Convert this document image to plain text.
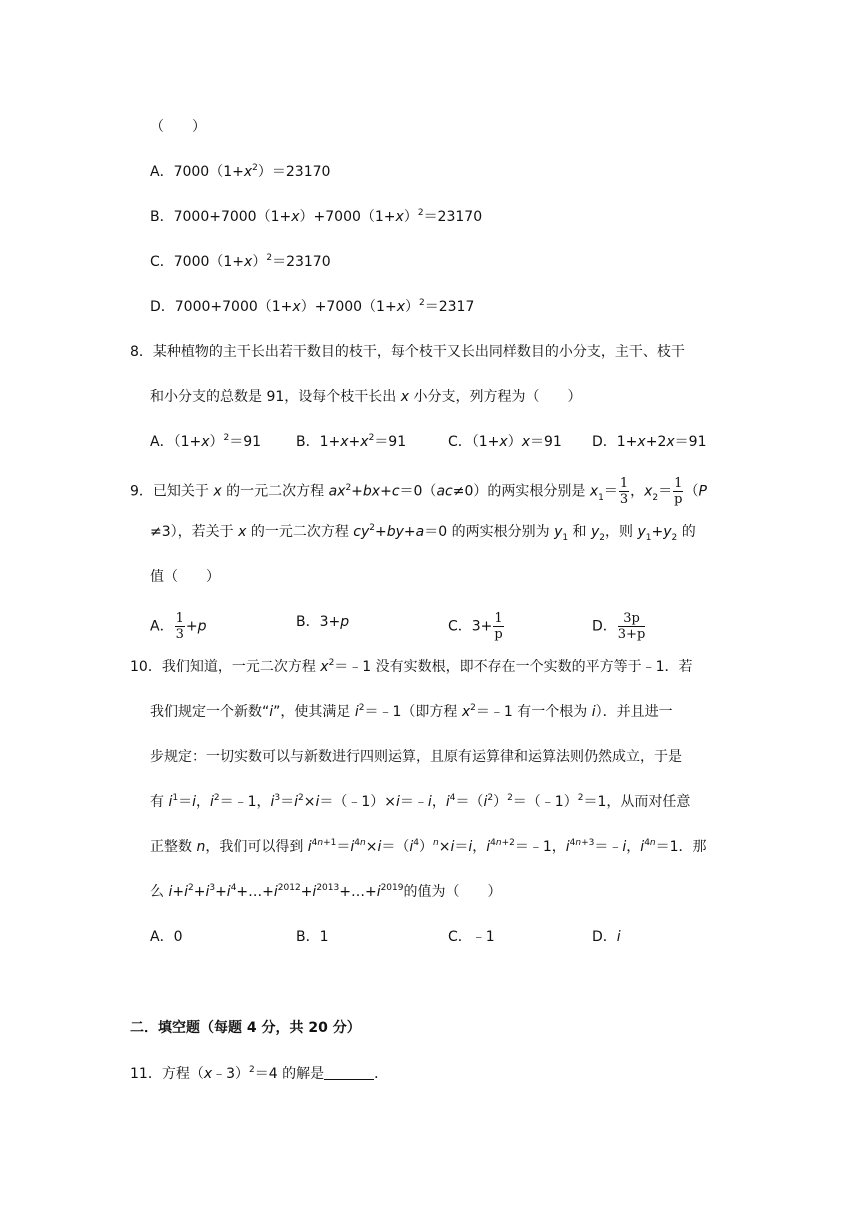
（　　）
A．$7000(1+x^2)=23170$
B．$7000+7000(1+x)+7000(1+x)^2=23170$
C．$7000(1+x)^2=23170$
D．$7000+7000(1+x)+7000(1+x)^2=2317$
8．某种植物的主干长出若干数目的枝干，每个枝干又长出同样数目的小分支，主干、枝干
和小分支的总数是 91，设每个枝干长出 x 小分支，列方程为（　　）
A．$(1+x)^2=91$ B．$1+x+x^2=91$	C．（1+x）x＝91 D．1+x+2x＝91
9．已知关于 x 的一元二次方程 $ax^2+bx+c=0(ac\ne 0)$的两实根分别是 $x_1= \frac{1}{3}$ ，$x_2= \frac{1}{p} (P$
≠3），若关于 x 的一元二次方程 $cy^2+by+a=0$ 的两实根分别为 $y_1$ 和 $y_2$，则 $y_1+y_2$ 的
值（　　）
A． $\frac{1}{3} +p$	B．3+p	C．$3+ \frac{1}{p}$	D． $\frac{3p}{3+p}$
10．我们知道，一元二次方程 $x^2=﹣1$ 没有实数根，即不存在一个实数的平方等于﹣1．若
我们规定一个新数“i”，使其满足 $i^2=﹣1$（即方程 $x^2=﹣1$ 有一个根为 i）．并且进一
步规定：一切实数可以与新数进行四则运算，且原有运算律和运算法则仍然成立，于是
有 $i^1=i$，$i^2=﹣1$，$i^3=i^2\times i=(﹣1)\times i=﹣i$，$i^4=(i^2)^2=(﹣1)^2=1$，从而对任意
正整数 n，我们可以得到 $i^{4n+1}=i^{4n}\times i=(i^4)^n\times i=i$，$i^{4n+2}=﹣1$，$i^{4n+3}=﹣i$，$i^{4n}=1$．那
么 $i+i^2+i^3+i^4+\dots+i^{2012}+i^{2013}+\dots+i^{2019}$的值为（　　）
A．0	B．1	C．﹣1	D．i
二．填空题（每题 4 分，共 20 分）
11．方程（x﹣3）$^2$＝4 的解是	．
